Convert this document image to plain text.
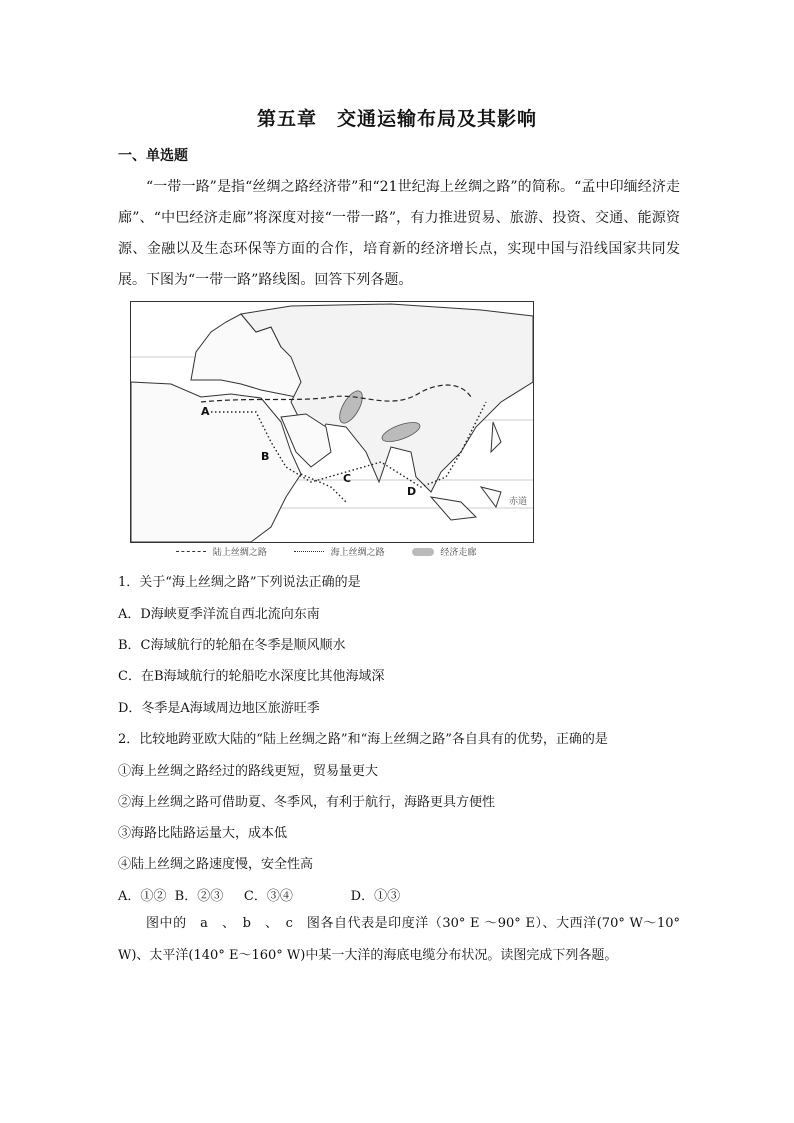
第五章　交通运输布局及其影响
一、单选题
“一带一路”是指“丝绸之路经济带”和“21世纪海上丝绸之路”的简称。“孟中印缅经济走廊”、“中巴经济走廊”将深度对接“一带一路”，有力推进贸易、旅游、投资、交通、能源资源、金融以及生态环保等方面的合作，培育新的经济增长点，实现中国与沿线国家共同发展。下图为“一带一路”路线图。回答下列各题。
A
B
C
D
赤道
陆上丝绸之路	海上丝绸之路	经济走廊
1．关于“海上丝绸之路”下列说法正确的是
A．D海峡夏季洋流自西北流向东南
B．C海域航行的轮船在冬季是顺风顺水
C．在B海域航行的轮船吃水深度比其他海域深
D．冬季是A海域周边地区旅游旺季
2．比较地跨亚欧大陆的“陆上丝绸之路”和“海上丝绸之路”各自具有的优势，正确的是
①海上丝绸之路经过的路线更短，贸易量更大
②海上丝绸之路可借助夏、冬季风，有利于航行，海路更具方便性
③海路比陆路运量大，成本低
④陆上丝绸之路速度慢，安全性高
A．①②  B．②③     C．③④              D．①③
图中的　a　、　b　、　c　图各自代表是印度洋（30° E ～90° E）、大西洋(70° W～10° W)、太平洋(140° E～160° W)中某一大洋的海底电缆分布状况。读图完成下列各题。
